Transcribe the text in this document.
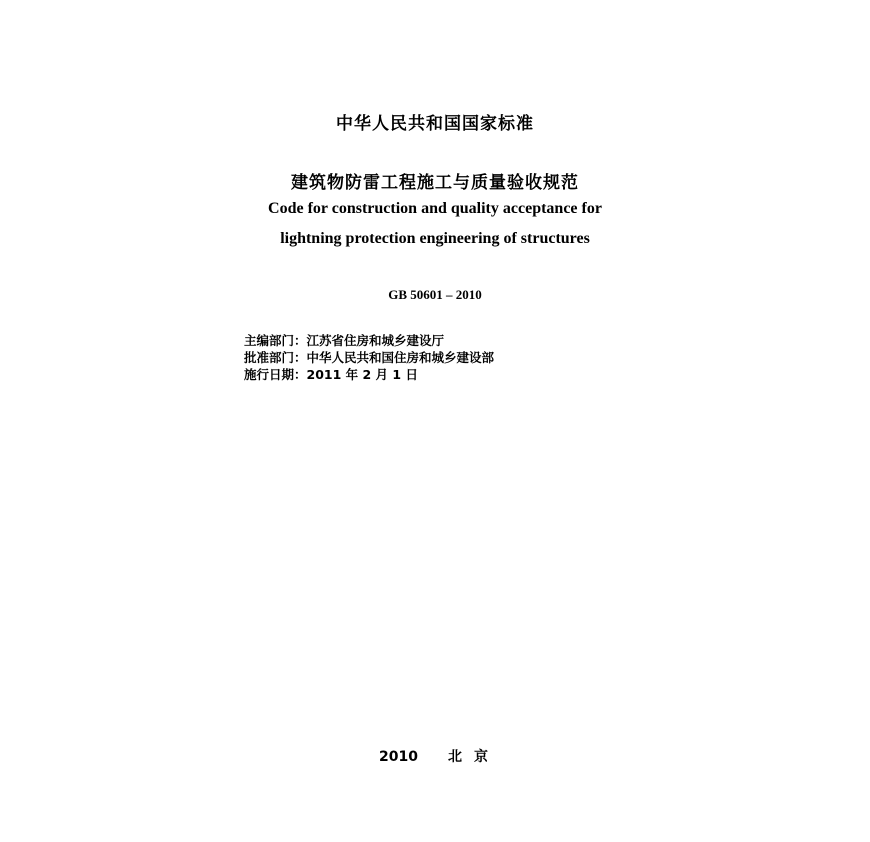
中华人民共和国国家标准
建筑物防雷工程施工与质量验收规范
Code for construction and quality acceptance for
lightning protection engineering of structures
GB 50601 – 2010
主编部门：江苏省住房和城乡建设厅
批准部门：中华人民共和国住房和城乡建设部
施行日期：2011 年 2 月 1 日
2010 北京
